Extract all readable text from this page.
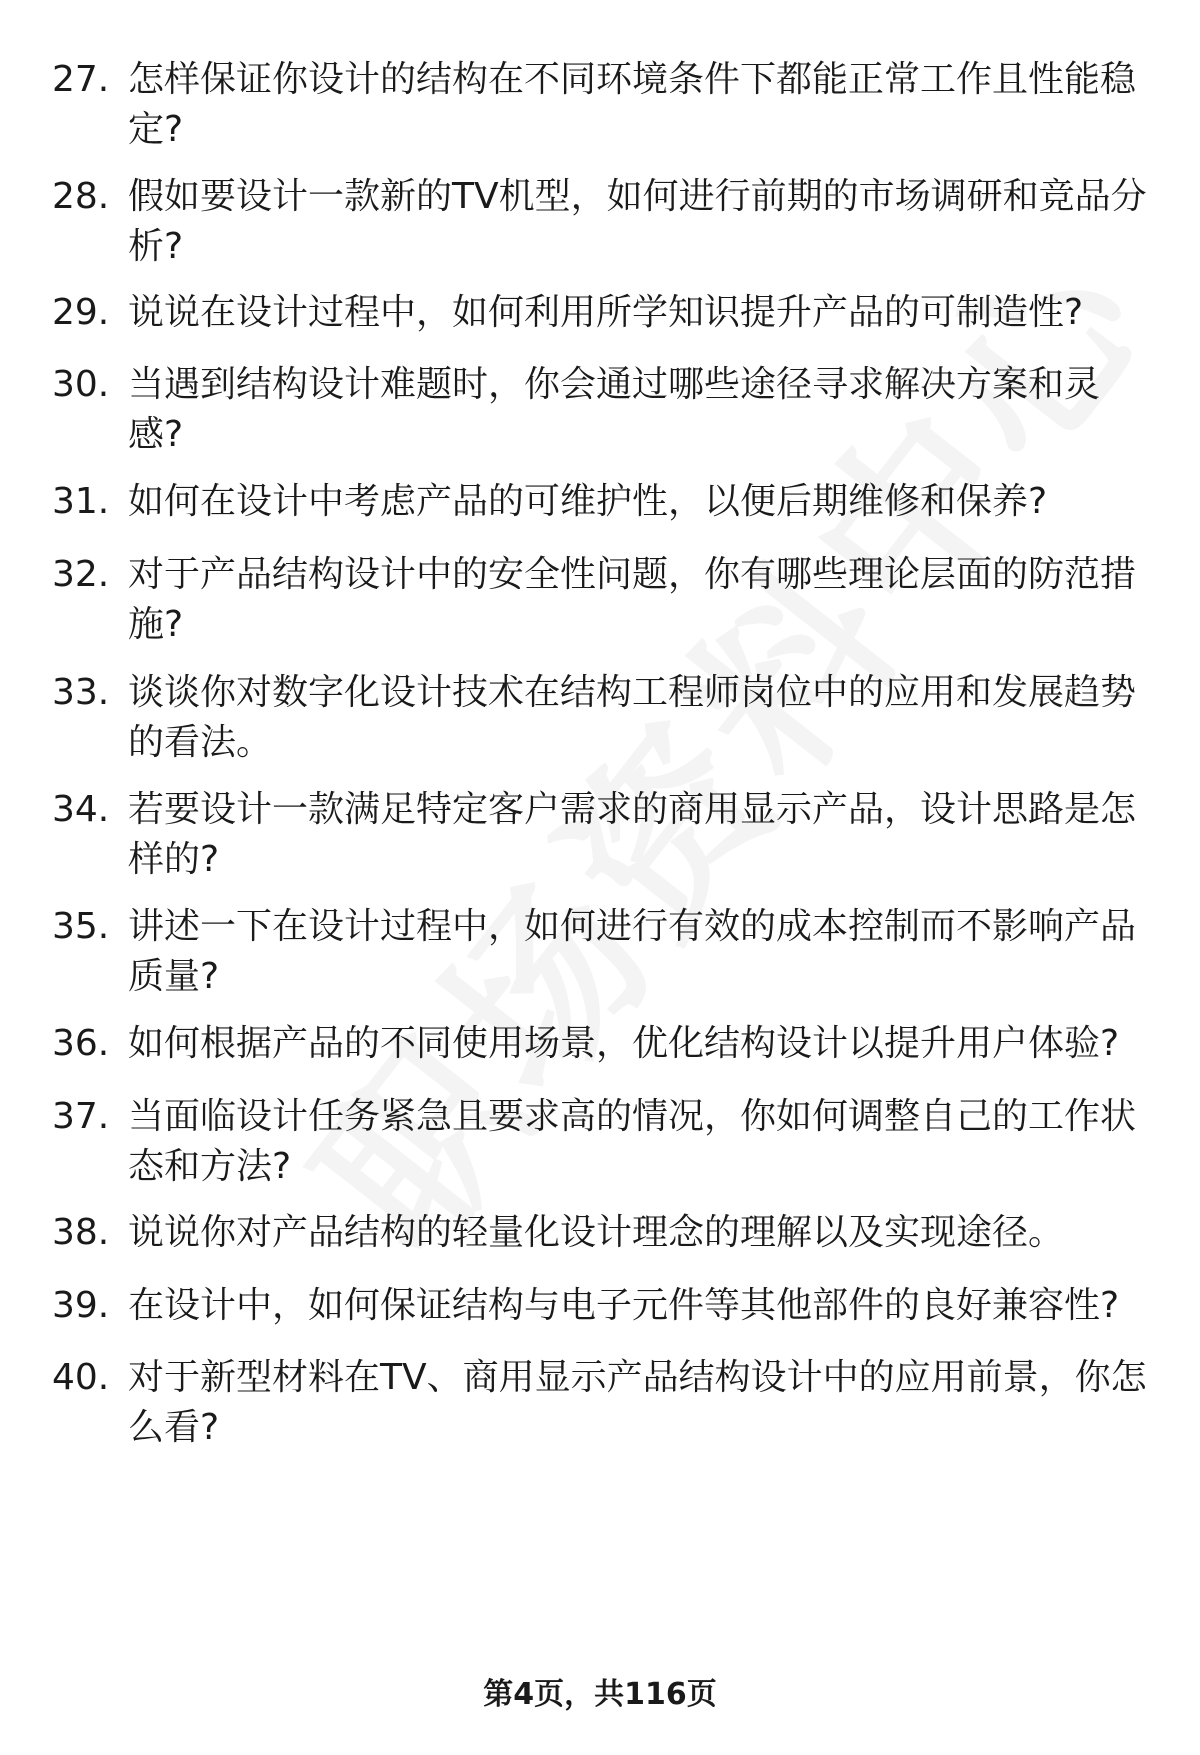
27. 怎样保证你设计的结构在不同环境条件下都能正常工作且性能稳定?
28. 假如要设计一款新的TV机型，如何进行前期的市场调研和竞品分析?
29. 说说在设计过程中，如何利用所学知识提升产品的可制造性?
30. 当遇到结构设计难题时，你会通过哪些途径寻求解决方案和灵感?
31. 如何在设计中考虑产品的可维护性，以便后期维修和保养?
32. 对于产品结构设计中的安全性问题，你有哪些理论层面的防范措施?
33. 谈谈你对数字化设计技术在结构工程师岗位中的应用和发展趋势的看法。
34. 若要设计一款满足特定客户需求的商用显示产品，设计思路是怎样的?
35. 讲述一下在设计过程中，如何进行有效的成本控制而不影响产品质量?
36. 如何根据产品的不同使用场景，优化结构设计以提升用户体验?
37. 当面临设计任务紧急且要求高的情况，你如何调整自己的工作状态和方法?
38. 说说你对产品结构的轻量化设计理念的理解以及实现途径。
39. 在设计中，如何保证结构与电子元件等其他部件的良好兼容性?
40. 对于新型材料在TV、商用显示产品结构设计中的应用前景，你怎么看?
第4页，共116页
